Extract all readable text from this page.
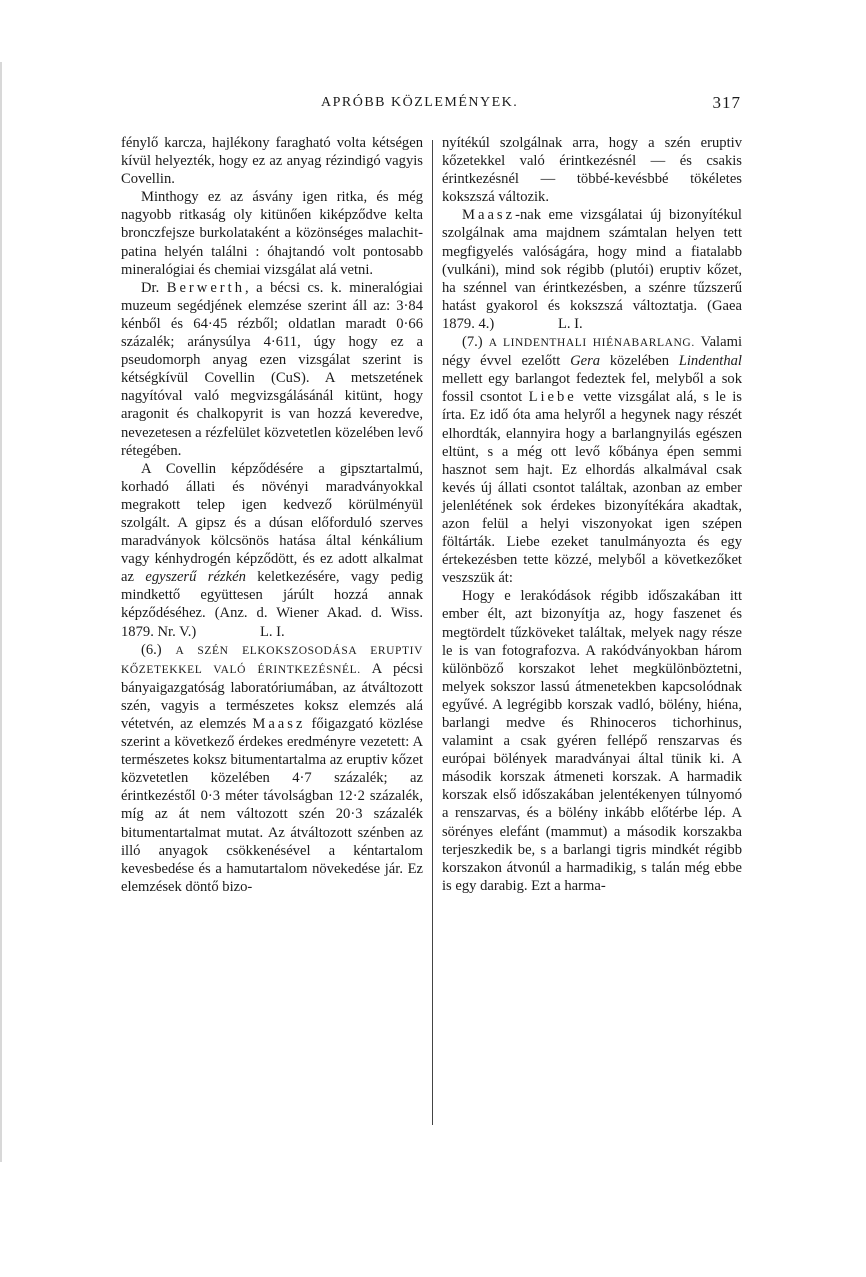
APRÓBB KÖZLEMÉNYEK.	317

fénylő karcza, hajlékony faragható volta kétségen kívül helyezték, hogy ez az anyag rézindigó vagyis Covellin.

Minthogy ez az ásvány igen ritka, és még nagyobb ritkaság oly kitünően kiképződve kelta bronczfejsze burkolataként a közönséges malachit-patina helyén találni : óhajtandó volt pontosabb mineralógiai és chemiai vizsgálat alá vetni.

Dr. Berwerth, a bécsi cs. k. mineralógiai muzeum segédjének elemzése szerint áll az: 3·84 kénből és 64·45 rézből; oldatlan maradt 0·66 százalék; aránysúlya 4·611, úgy hogy ez a pseudomorph anyag ezen vizsgálat szerint is kétségkívül Covellin (CuS). A metszetének nagyítóval való megvizsgálásánál kitünt, hogy aragonit és chalkopyrit is van hozzá keveredve, nevezetesen a rézfelület közvetetlen közelében levő rétegében.

A Covellin képződésére a gipsztartalmú, korhadó állati és növényi maradványokkal megrakott telep igen kedvező körülményül szolgált. A gipsz és a dúsan előforduló szerves maradványok kölcsönös hatása által kénkálium vagy kénhydrogén képződött, és ez adott alkalmat az egyszerű rézkén keletkezésére, vagy pedig mindkettő együttesen járúlt hozzá annak képződéséhez. (Anz. d. Wiener Akad. d. Wiss. 1879. Nr. V.)	L. I.

(6.) A SZÉN ELKOKSZOSODÁSA ERUPTIV KŐZETEKKEL VALÓ ÉRINTKEZÉSNÉL. A pécsi bányaigazgatóság laboratóriumában, az átváltozott szén, vagyis a természetes koksz elemzés alá vétetvén, az elemzés Maasz főigazgató közlése szerint a következő érdekes eredményre vezetett: A természetes koksz bitumentartalma az eruptiv kőzet közvetetlen közelében 4·7 százalék; az érintkezéstől 0·3 méter távolságban 12·2 százalék, míg az át nem változott szén 20·3 százalék bitumentartalmat mutat. Az átváltozott szénben az illó anyagok csökkenésével a kéntartalom kevesbedése és a hamutartalom növekedése jár. Ez elemzések döntő bizo-

nyítékúl szolgálnak arra, hogy a szén eruptiv kőzetekkel való érintkezésnél — és csakis érintkezésnél — többé-kevésbbé tökéletes kokszszá változik.

Maasz-nak eme vizsgálatai új bizonyítékul szolgálnak ama majdnem számtalan helyen tett megfigyelés valóságára, hogy mind a fiatalabb (vulkáni), mind sok régibb (plutói) eruptiv kőzet, ha szénnel van érintkezésben, a szénre tűzszerű hatást gyakorol és kokszszá változtatja. (Gaea 1879. 4.)	L. I.

(7.) A LINDENTHALI HIÉNABARLANG. Valami négy évvel ezelőtt Gera közelében Lindenthal mellett egy barlangot fedeztek fel, melyből a sok fossil csontot Liebe vette vizsgálat alá, s le is írta. Ez idő óta ama helyről a hegynek nagy részét elhordták, elannyira hogy a barlangnyilás egészen eltünt, s a még ott levő kőbánya épen semmi hasznot sem hajt. Ez elhordás alkalmával csak kevés új állati csontot találtak, azonban az ember jelenlétének sok érdekes bizonyítékára akadtak, azon felül a helyi viszonyokat igen szépen föltárták. Liebe ezeket tanulmányozta és egy értekezésben tette közzé, melyből a következőket veszszük át:

Hogy e lerakódások régibb időszakában itt ember élt, azt bizonyítja az, hogy faszenet és megtördelt tűzköveket találtak, melyek nagy része le is van fotografozva. A rakódványokban három különböző korszakot lehet megkülönböztetni, melyek sokszor lassú átmenetekben kapcsolódnak egyűvé. A legrégibb korszak vadló, bölény, hiéna, barlangi medve és Rhinoceros tichorhinus, valamint a csak gyéren fellépő renszarvas és európai bölények maradványai által tünik ki. A második korszak átmeneti korszak. A harmadik korszak első időszakában jelentékenyen túlnyomó a renszarvas, és a bölény inkább előtérbe lép. A sörényes elefánt (mammut) a második korszakba terjeszkedik be, s a barlangi tigris mindkét régibb korszakon átvonúl a harmadikig, s talán még ebbe is egy darabig. Ezt a harma-
